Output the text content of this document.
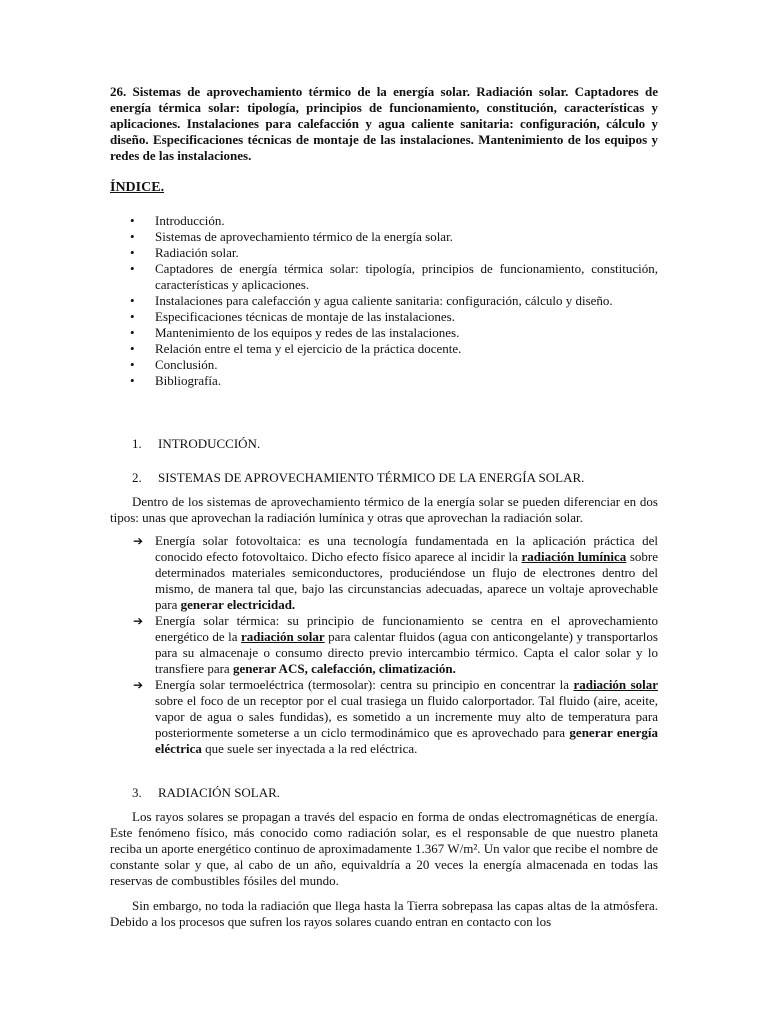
26. Sistemas de aprovechamiento térmico de la energía solar. Radiación solar. Captadores de energía térmica solar: tipología, principios de funcionamiento, constitución, características y aplicaciones. Instalaciones para calefacción y agua caliente sanitaria: configuración, cálculo y diseño. Especificaciones técnicas de montaje de las instalaciones. Mantenimiento de los equipos y redes de las instalaciones.
ÍNDICE.
• Introducción.
• Sistemas de aprovechamiento térmico de la energía solar.
• Radiación solar.
• Captadores de energía térmica solar: tipología, principios de funcionamiento, constitución, características y aplicaciones.
• Instalaciones para calefacción y agua caliente sanitaria: configuración, cálculo y diseño.
• Especificaciones técnicas de montaje de las instalaciones.
• Mantenimiento de los equipos y redes de las instalaciones.
• Relación entre el tema y el ejercicio de la práctica docente.
• Conclusión.
• Bibliografía.
1. INTRODUCCIÓN.
2. SISTEMAS DE APROVECHAMIENTO TÉRMICO DE LA ENERGÍA SOLAR.

Dentro de los sistemas de aprovechamiento térmico de la energía solar se pueden diferenciar en dos tipos: unas que aprovechan la radiación lumínica y otras que aprovechan la radiación solar.

➔ Energía solar fotovoltaica: es una tecnología fundamentada en la aplicación práctica del conocido efecto fotovoltaico. Dicho efecto físico aparece al incidir la radiación lumínica sobre determinados materiales semiconductores, produciéndose un flujo de electrones dentro del mismo, de manera tal que, bajo las circunstancias adecuadas, aparece un voltaje aprovechable para generar electricidad.
➔ Energía solar térmica: su principio de funcionamiento se centra en el aprovechamiento energético de la radiación solar para calentar fluidos (agua con anticongelante) y transportarlos para su almacenaje o consumo directo previo intercambio térmico. Capta el calor solar y lo transfiere para generar ACS, calefacción, climatización.
➔ Energía solar termoeléctrica (termosolar): centra su principio en concentrar la radiación solar sobre el foco de un receptor por el cual trasiega un fluido calorportador. Tal fluido (aire, aceite, vapor de agua o sales fundidas), es sometido a un incremente muy alto de temperatura para posteriormente someterse a un ciclo termodinámico que es aprovechado para generar energía eléctrica que suele ser inyectada a la red eléctrica.
3. RADIACIÓN SOLAR.

Los rayos solares se propagan a través del espacio en forma de ondas electromagnéticas de energía. Este fenómeno físico, más conocido como radiación solar, es el responsable de que nuestro planeta reciba un aporte energético continuo de aproximadamente 1.367 W/m². Un valor que recibe el nombre de constante solar y que, al cabo de un año, equivaldría a 20 veces la energía almacenada en todas las reservas de combustibles fósiles del mundo.

Sin embargo, no toda la radiación que llega hasta la Tierra sobrepasa las capas altas de la atmósfera. Debido a los procesos que sufren los rayos solares cuando entran en contacto con los
